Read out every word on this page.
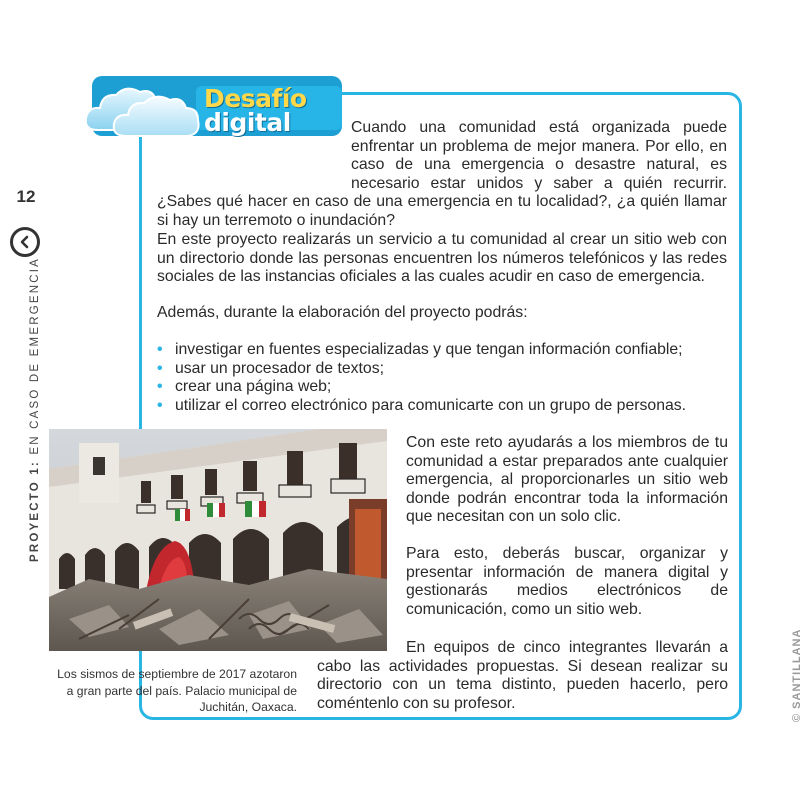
12
PROYECTO 1: EN CASO DE EMERGENCIA
© SANTILLANA
Desafío
digital	Cuando una comunidad está organizada puede enfrentar un problema de mejor manera. Por ello, en caso de una emergencia o desastre natural, es necesario estar unidos y saber a quién recurrir. ¿Sabes qué hacer en caso de una emergencia en tu localidad?, ¿a quién llamar si hay un terremoto o inundación?
En este proyecto realizarás un servicio a tu comunidad al crear un sitio web con un directorio donde las personas encuentren los números telefónicos y las redes sociales de las instancias oficiales a las cuales acudir en caso de emergencia.
Además, durante la elaboración del proyecto podrás:
• investigar en fuentes especializadas y que tengan información confiable;
• usar un procesador de textos;
• crear una página web;
• utilizar el correo electrónico para comunicarte con un grupo de personas.
Los sismos de septiembre de 2017 azotaron a gran parte del país. Palacio municipal de Juchitán, Oaxaca.
Con este reto ayudarás a los miembros de tu comunidad a estar preparados ante cualquier emergencia, al proporcionarles un sitio web donde podrán encontrar toda la información que necesitan con un solo clic.
Para esto, deberás buscar, organizar y presentar información de manera digital y gestionarás medios electrónicos de comunicación, como un sitio web.
En equipos de cinco integrantes llevarán a cabo las actividades propuestas. Si desean realizar su directorio con un tema distinto, pueden hacerlo, pero coméntenlo con su profesor.
